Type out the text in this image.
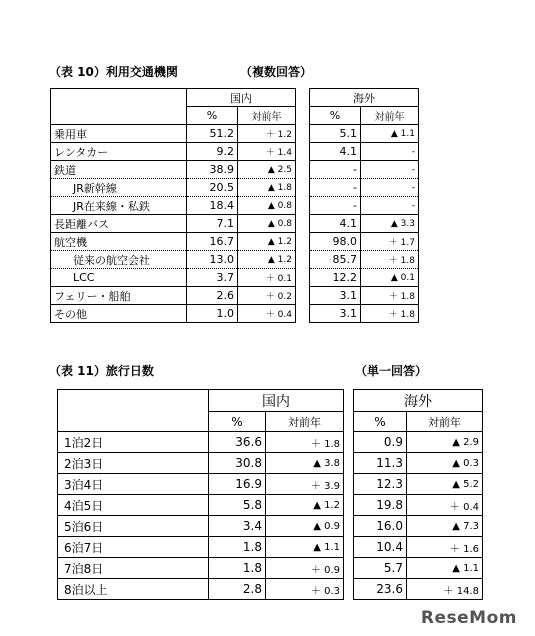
（表 10）利用交通機関	（複数回答）
	国内			海外	
	%	対前年		%	対前年
乗用車	51.2	＋ 1.2		5.1	▲ 1.1
レンタカー	9.2	＋ 1.4		4.1	-
鉄道	38.9	▲ 2.5		-	-
JR新幹線	20.5	▲ 1.8		-	-
JR在来線・私鉄	18.4	▲ 0.8		-	-
長距離バス	7.1	▲ 0.8		4.1	▲ 3.3
航空機	16.7	▲ 1.2		98.0	＋ 1.7
従来の航空会社	13.0	▲ 1.2		85.7	＋ 1.8
LCC	3.7	＋ 0.1		12.2	▲ 0.1
フェリー・船舶	2.6	＋ 0.2		3.1	＋ 1.8
その他	1.0	＋ 0.4		3.1	＋ 1.8
（表 11）旅行日数	（単一回答）
	国内			海外	
	%	対前年		%	対前年
1泊2日	36.6	＋ 1.8		0.9	▲ 2.9
2泊3日	30.8	▲ 3.8		11.3	▲ 0.3
3泊4日	16.9	＋ 3.9		12.3	▲ 5.2
4泊5日	5.8	▲ 1.2		19.8	＋ 0.4
5泊6日	3.4	▲ 0.9		16.0	▲ 7.3
6泊7日	1.8	▲ 1.1		10.4	＋ 1.6
7泊8日	1.8	＋ 0.9		5.7	▲ 1.1
8泊以上	2.8	＋ 0.3		23.6	＋ 14.8
ReseMom
